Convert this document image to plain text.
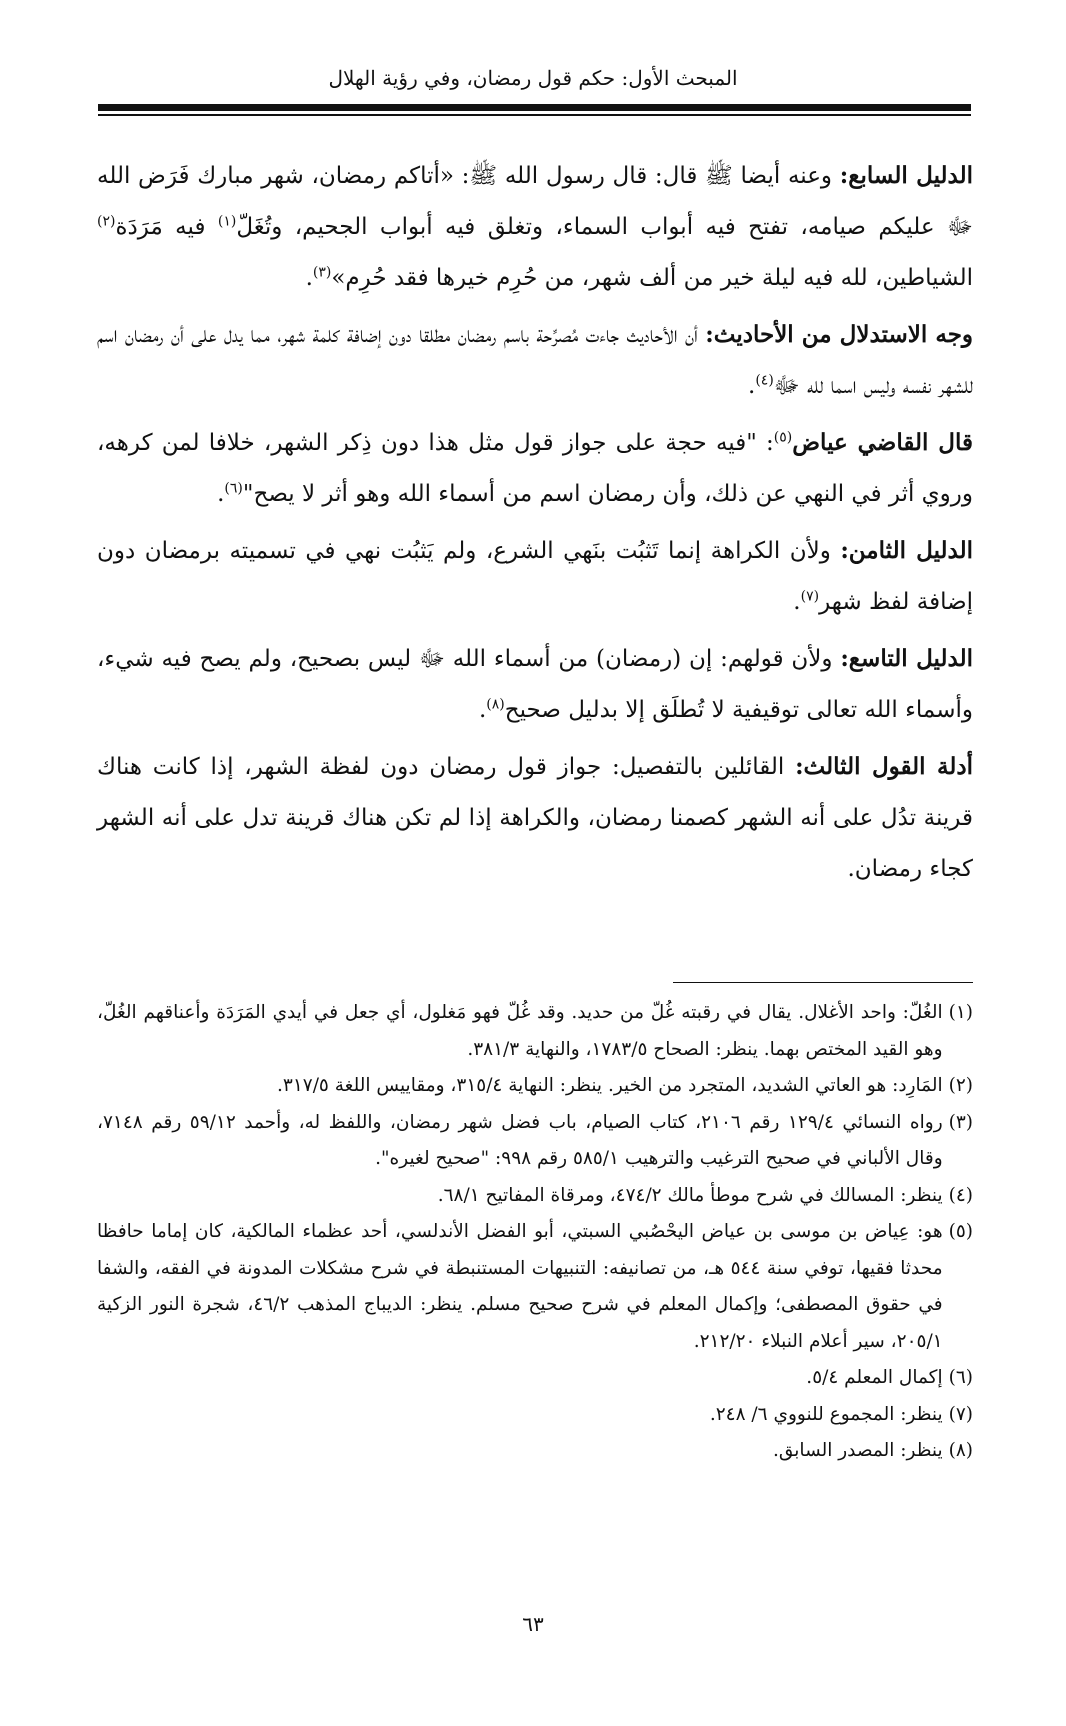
المبحث الأول: حكم قول رمضان، وفي رؤية الهلال

الدليل السابع: وعنه أيضا ﷺ قال: قال رسول الله ﷺ: «أتاكم رمضان، شهر مبارك فَرَض الله ﷻ عليكم صيامه، تفتح فيه أبواب السماء، وتغلق فيه أبواب الجحيم، وتُغَلّ$^{(١)}$ فيه مَرَدَة$^{(٢)}$ الشياطين، لله فيه ليلة خير من ألف شهر، من حُرِم خيرها فقد حُرِم»$^{(٣)}$.

وجه الاستدلال من الأحاديث: أن الأحاديث جاءت مُصرِّحة باسم رمضان مطلقا دون إضافة كلمة شهر، مما يدل على أن رمضان اسم للشهر نفسه وليس اسما لله ﷻ$^{(٤)}$.

قال القاضي عياض$^{(٥)}$: "فيه حجة على جواز قول مثل هذا دون ذِكر الشهر، خلافا لمن كرهه، وروي أثر في النهي عن ذلك، وأن رمضان اسم من أسماء الله وهو أثر لا يصح"$^{(٦)}$.

الدليل الثامن: ولأن الكراهة إنما تَثبُت بنَهي الشرع، ولم يَثبُت نهي في تسميته برمضان دون إضافة لفظ شهر$^{(٧)}$.

الدليل التاسع: ولأن قولهم: إن (رمضان) من أسماء الله ﷻ ليس بصحيح، ولم يصح فيه شيء، وأسماء الله تعالى توقيفية لا تُطلَق إلا بدليل صحيح$^{(٨)}$.

أدلة القول الثالث: القائلين بالتفصيل: جواز قول رمضان دون لفظة الشهر، إذا كانت هناك قرينة تدُل على أنه الشهر كصمنا رمضان، والكراهة إذا لم تكن هناك قرينة تدل على أنه الشهر كجاء رمضان.

(١)
الغُلّ: واحد الأغلال. يقال في رقبته غُلّ من حديد. وقد غُلّ فهو مَغلول، أي جعل في أيدي المَرَدَة وأعناقهم الغُلّ، وهو القيد المختص بهما. ينظر: الصحاح ١٧٨٣/٥، والنهاية ٣٨١/٣.
(٢)
المَارِد: هو العاتي الشديد، المتجرد من الخير. ينظر: النهاية ٣١٥/٤، ومقاييس اللغة ٣١٧/٥.
(٣)
رواه النسائي ١٢٩/٤ رقم ٢١٠٦، كتاب الصيام، باب فضل شهر رمضان، واللفظ له، وأحمد ٥٩/١٢ رقم ٧١٤٨، وقال الألباني في صحيح الترغيب والترهيب ٥٨٥/١ رقم ٩٩٨: "صحيح لغيره".
(٤)
ينظر: المسالك في شرح موطأ مالك ٤٧٤/٢، ومرقاة المفاتيح ٦٨/١.
(٥)
هو: عِياض بن موسى بن عياض اليحْصُبي السبتي، أبو الفضل الأندلسي، أحد عظماء المالكية، كان إماما حافظا محدثا فقيها، توفي سنة ٥٤٤ هـ، من تصانيفه: التنبيهات المستنبطة في شرح مشكلات المدونة في الفقه، والشفا في حقوق المصطفى؛ وإكمال المعلم في شرح صحيح مسلم. ينظر: الديباج المذهب ٤٦/٢، شجرة النور الزكية ٢٠٥/١، سير أعلام النبلاء ٢١٢/٢٠.
(٦)
إكمال المعلم ٥/٤.
(٧)
ينظر: المجموع للنووي ٦/ ٢٤٨.
(٨)
ينظر: المصدر السابق.
٦٣
